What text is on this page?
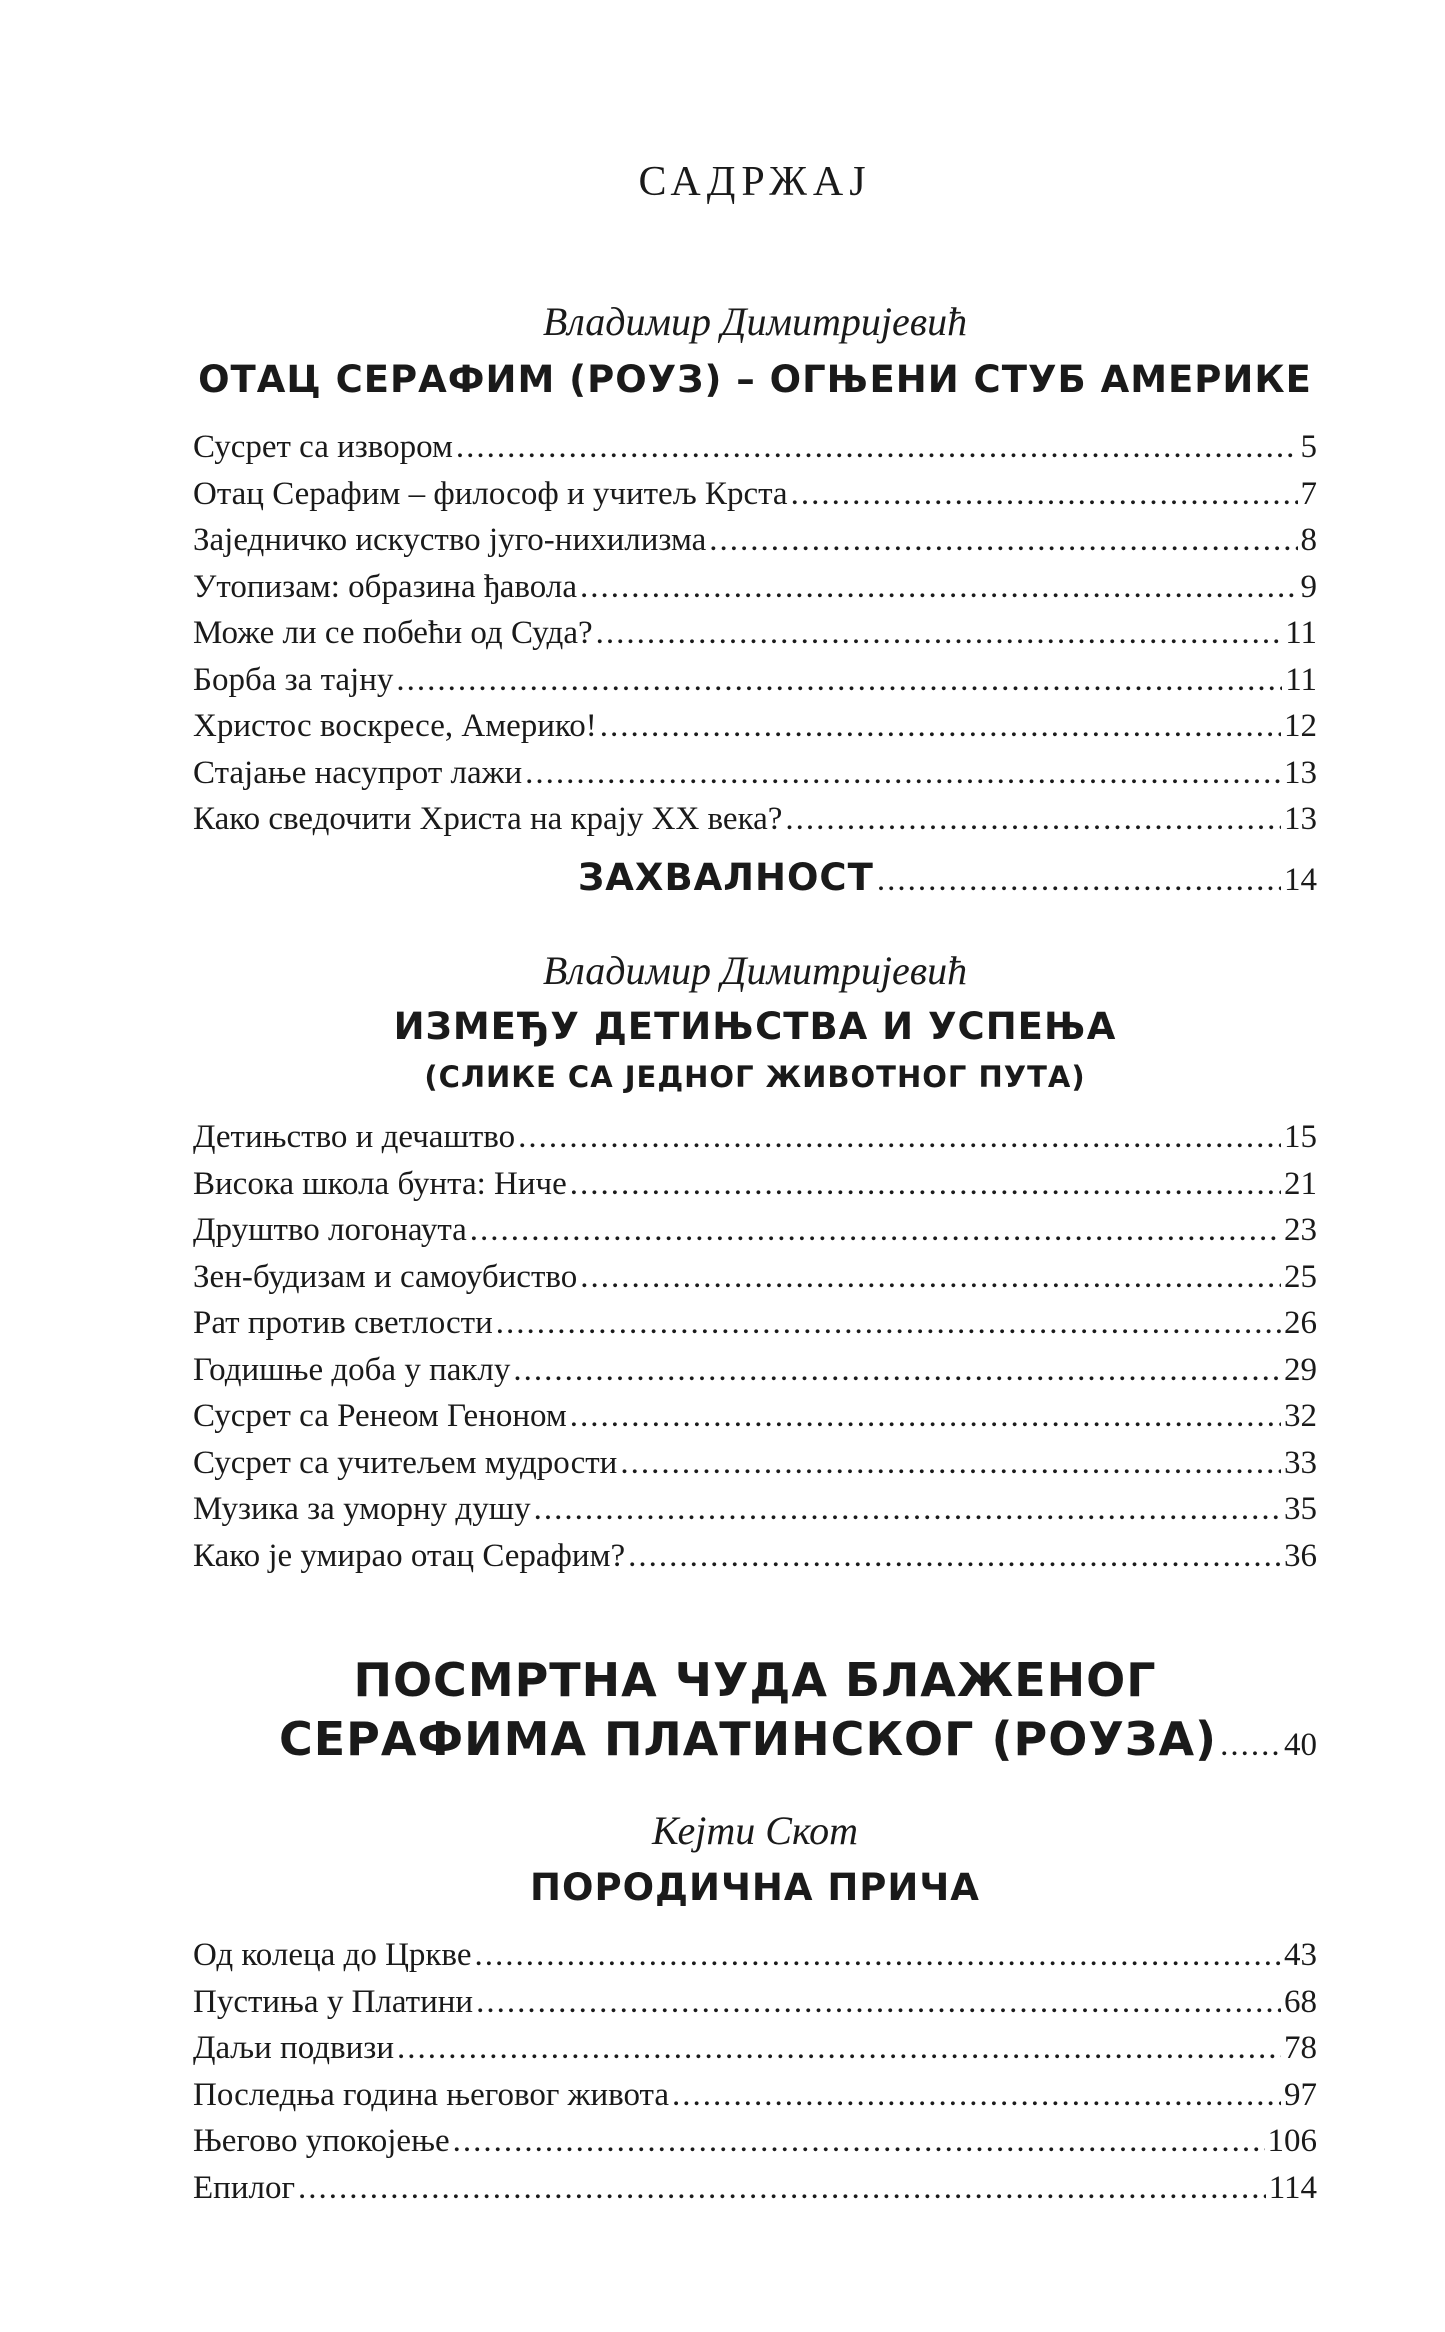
САДРЖАЈ
Владимир Димитријевић
ОТАЦ СЕРАФИМ (РОУЗ) – ОГЊЕНИ СТУБ АМЕРИКЕ
Сусрет са извором .....	5
Отац Серафим – философ и учитељ Крста .....	7
Заједничко искуство југо-нихилизма .....	8
Утопизам: образина ђавола .....	9
Може ли се побећи од Суда? .....	11
Борба за тајну .....	11
Христос воскресе, Америко! .....	12
Стајање насупрот лажи .....	13
Како сведочити Христа на крају XX века? .....	13
ЗАХВАЛНОСТ .....	14
Владимир Димитријевић
ИЗМЕЂУ ДЕТИЊСТВА И УСПЕЊА
(СЛИКЕ СА ЈЕДНОГ ЖИВОТНОГ ПУТА)
Детињство и дечаштво .....	15
Висока школа бунта: Ниче .....	21
Друштво логонаута .....	23
Зен-будизам и самоубиство .....	25
Рат против светлости .....	26
Годишње доба у паклу .....	29
Сусрет са Ренеом Геноном .....	32
Сусрет са учитељем мудрости .....	33
Музика за уморну душу .....	35
Како је умирао отац Серафим? .....	36
ПОСМРТНА ЧУДА БЛАЖЕНОГ
СЕРАФИМА ПЛАТИНСКОГ (РОУЗА) ..... 40
Кејти Скот
ПОРОДИЧНА ПРИЧА
Од колеца до Цркве .....	43
Пустиња у Платини .....	68
Даљи подвизи .....	78
Последња година његовог живота .....	97
Његово упокојење .....	106
Епилог .....	114
